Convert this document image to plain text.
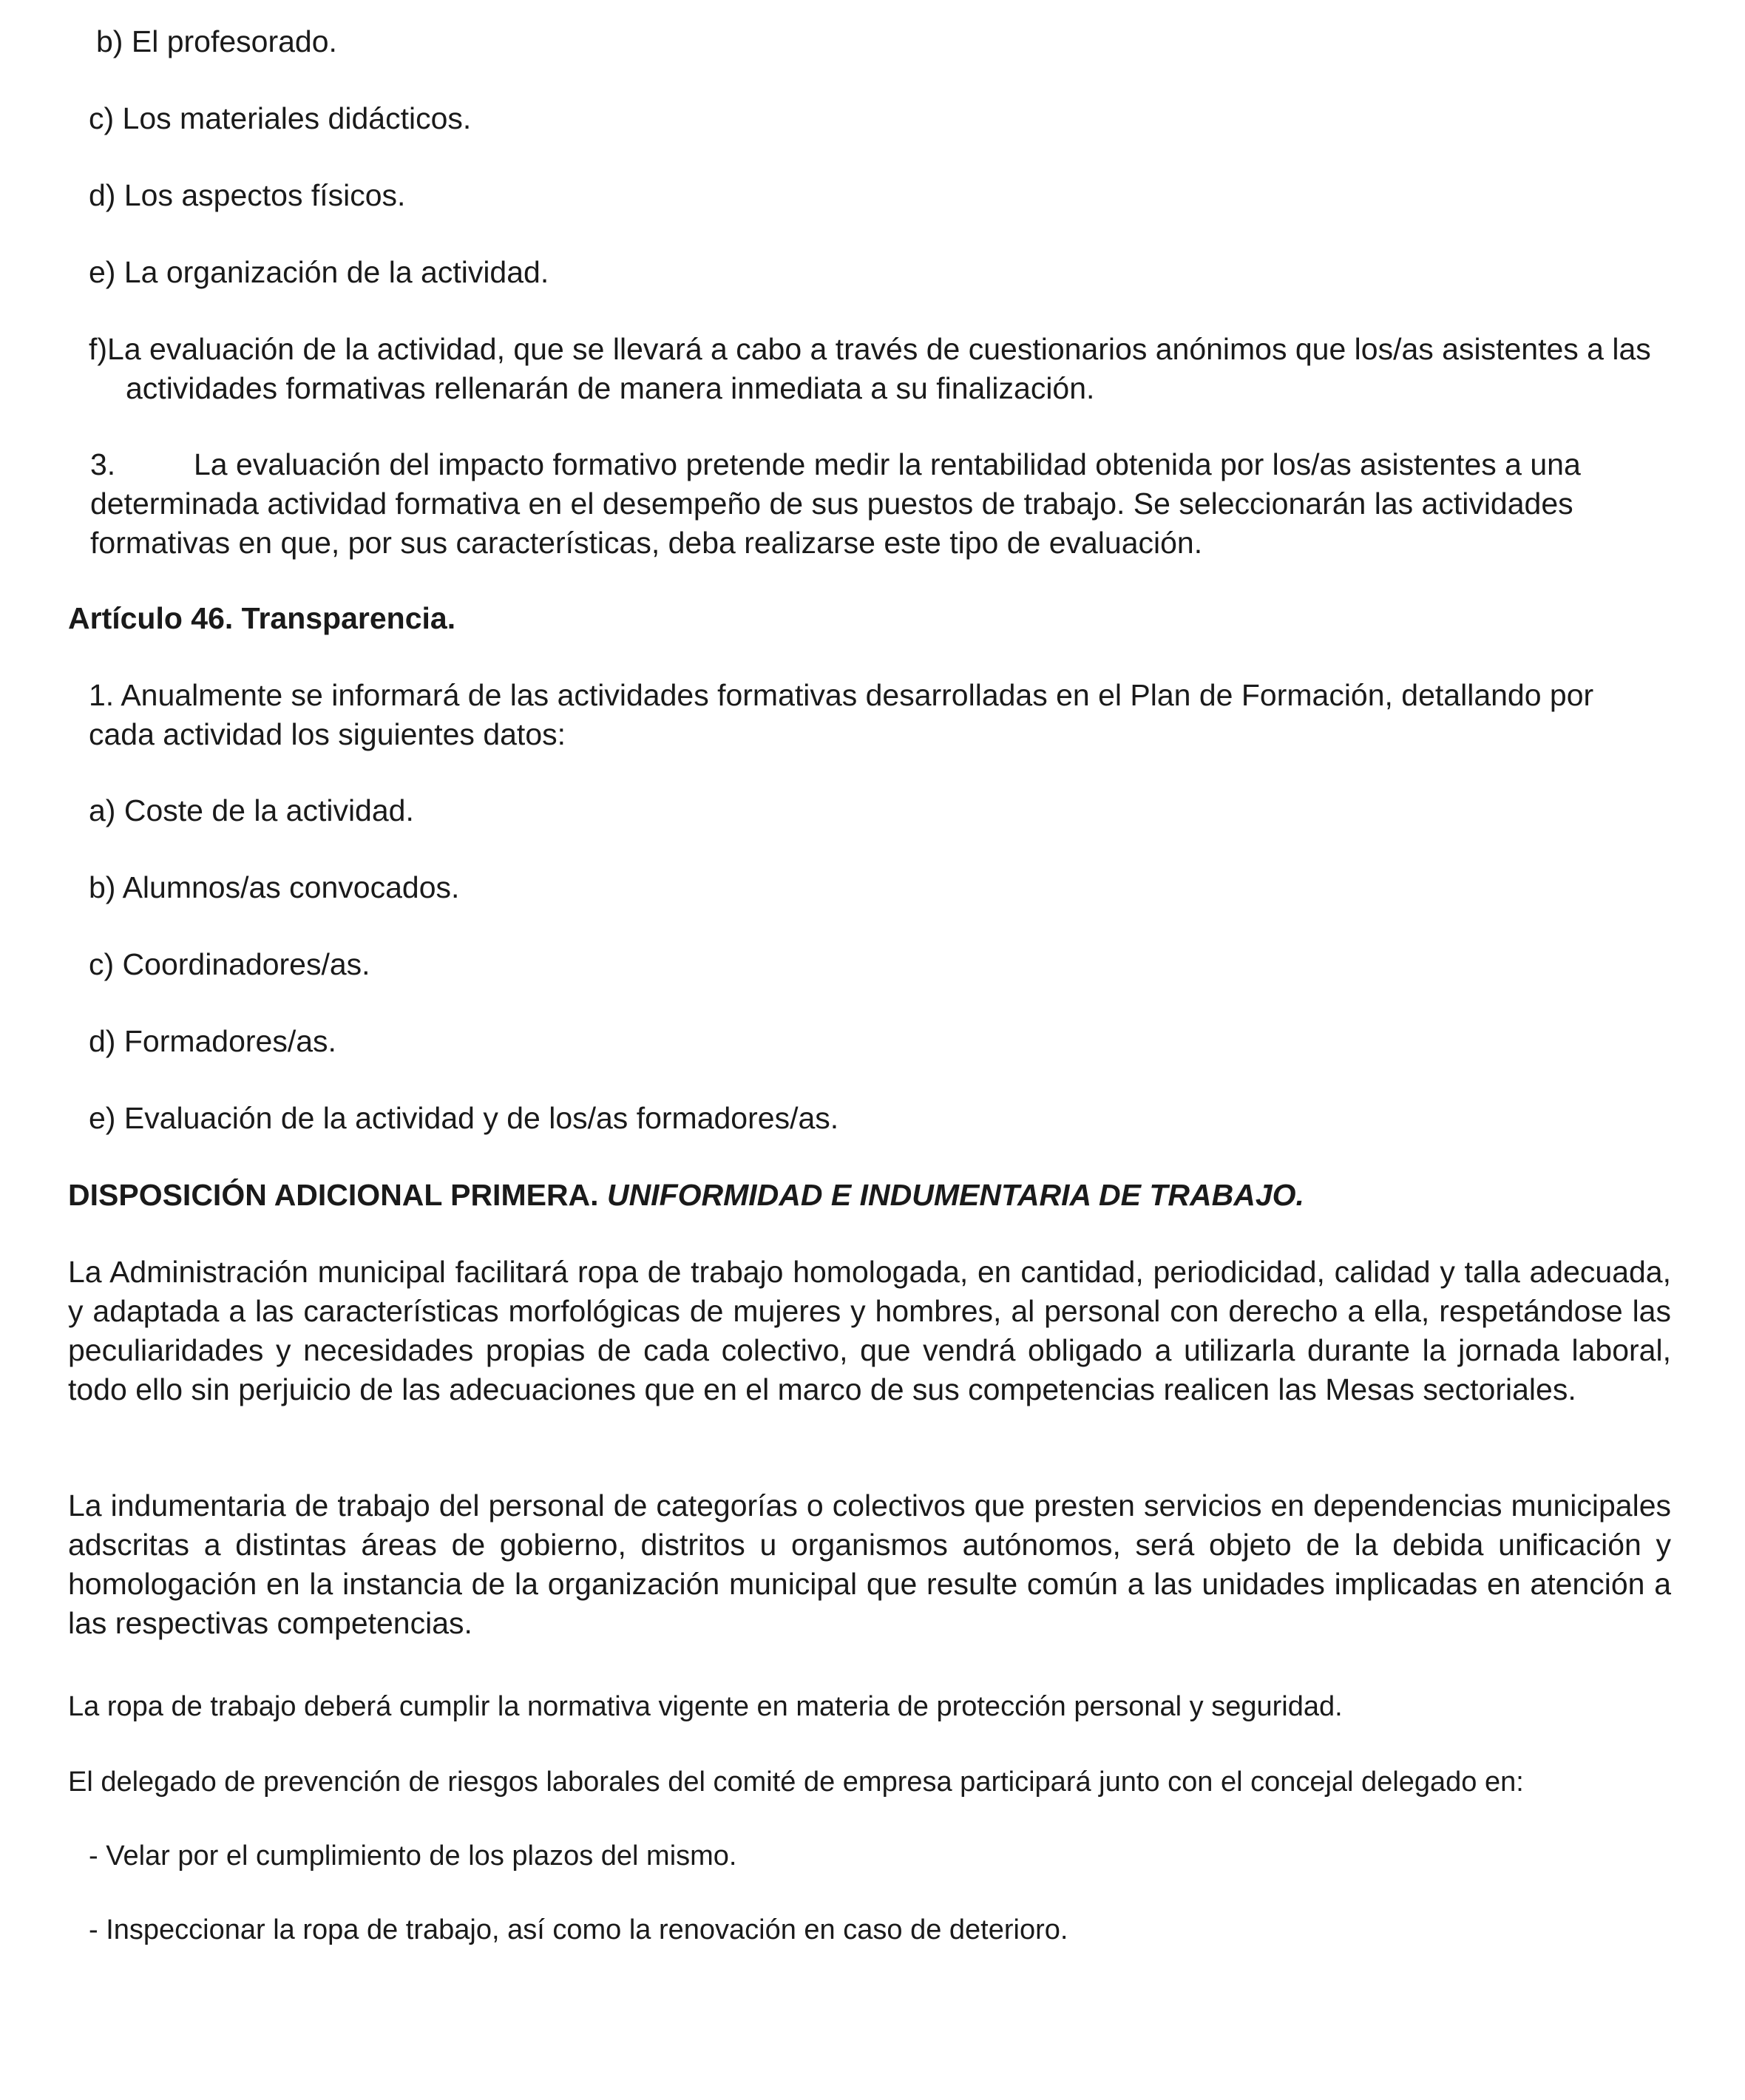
b) El profesorado.

c) Los materiales didácticos.

d) Los aspectos físicos.

e) La organización de la actividad.

f)La evaluación de la actividad, que se llevará a cabo a través de cuestionarios anónimos que los/as asistentes a las actividades formativas rellenarán de manera inmediata a su finalización.

3.	La evaluación del impacto formativo pretende medir la rentabilidad obtenida por los/as asistentes a una determinada actividad formativa en el desempeño de sus puestos de trabajo. Se seleccionarán las actividades formativas en que, por sus características, deba realizarse este tipo de evaluación.

Artículo 46. Transparencia.

1. Anualmente se informará de las actividades formativas desarrolladas en el Plan de Formación, detallando por cada actividad los siguientes datos:

a) Coste de la actividad.

b) Alumnos/as convocados.

c) Coordinadores/as.

d) Formadores/as.

e) Evaluación de la actividad y de los/as formadores/as.

DISPOSICIÓN ADICIONAL PRIMERA. UNIFORMIDAD E INDUMENTARIA DE TRABAJO.

La Administración municipal facilitará ropa de trabajo homologada, en cantidad, periodicidad, calidad y talla adecuada, y adaptada a las características morfológicas de mujeres y hombres, al personal con derecho a ella, respetándose las peculiaridades y necesidades propias de cada colectivo, que vendrá obligado a utilizarla durante la jornada laboral, todo ello sin perjuicio de las adecuaciones que en el marco de sus competencias realicen las Mesas sectoriales.

La indumentaria de trabajo del personal de categorías o colectivos que presten servicios en dependencias municipales adscritas a distintas áreas de gobierno, distritos u organismos autónomos, será objeto de la debida unificación y homologación en la instancia de la organización municipal que resulte común a las unidades implicadas en atención a las respectivas competencias.

La ropa de trabajo deberá cumplir la normativa vigente en materia de protección personal y seguridad.

El delegado de prevención de riesgos laborales del comité de empresa participará junto con el concejal delegado en:

- Velar por el cumplimiento de los plazos del mismo.

- Inspeccionar la ropa de trabajo, así como la renovación en caso de deterioro.
